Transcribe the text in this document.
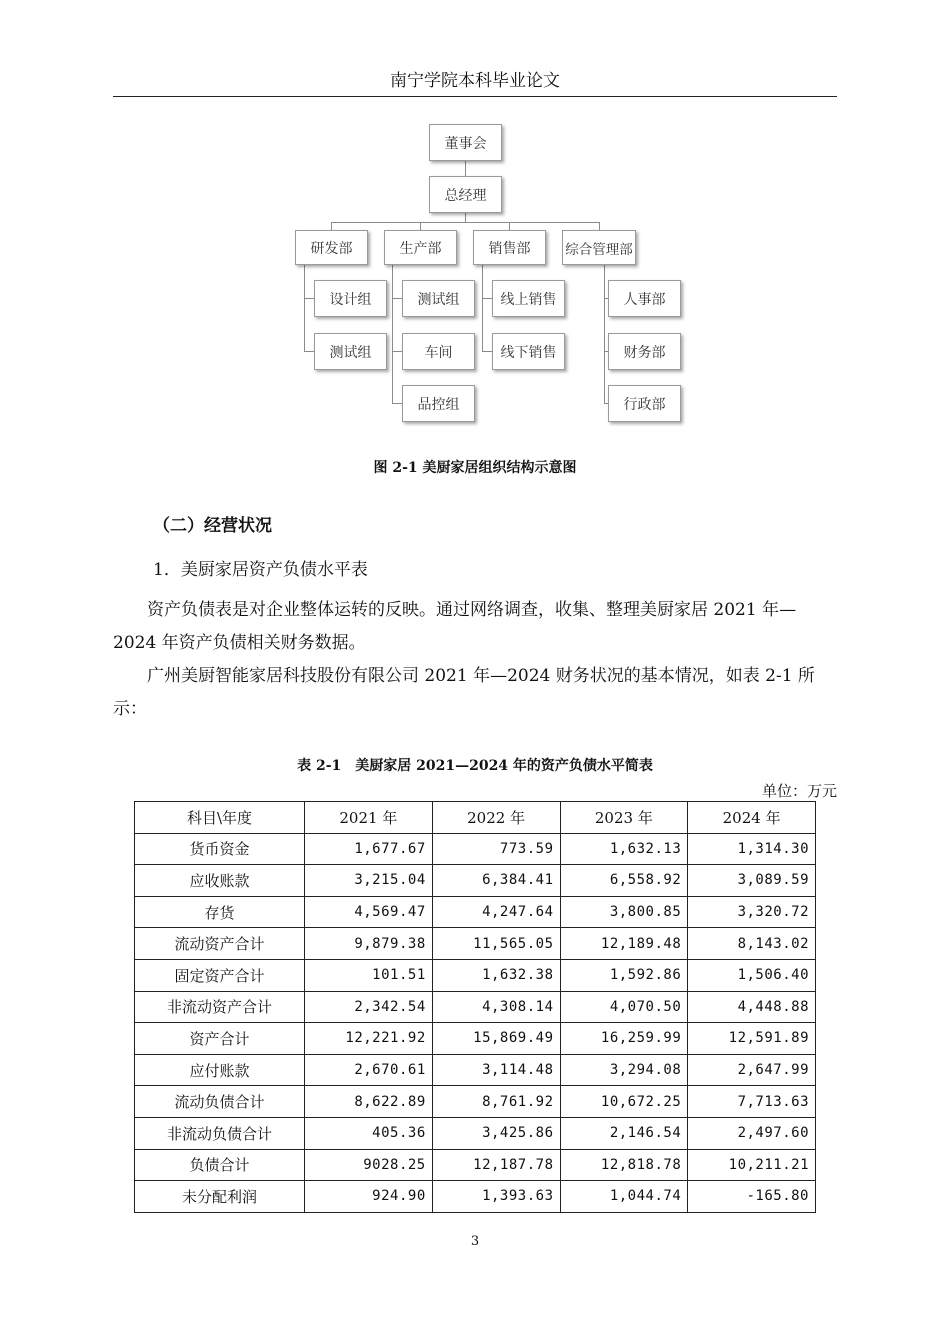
南宁学院本科毕业论文
董事会
总经理
研发部	生产部	销售部	综合管理部
设计组
测试组
测试组
车间
品控组
线上销售
线下销售
人事部
财务部
行政部
图 2-1 美厨家居组织结构示意图
（二）经营状况
1．美厨家居资产负债水平表
资产负债表是对企业整体运转的反映。通过网络调查，收集、整理美厨家居 2021 年—2024 年资产负债相关财务数据。
广州美厨智能家居科技股份有限公司 2021 年—2024 财务状况的基本情况，如表 2-1 所示：
表 2-1　美厨家居 2021—2024 年的资产负债水平简表
单位：万元
科目\年度	2021 年	2022 年	2023 年	2024 年
货币资金	1,677.67	773.59	1,632.13	1,314.30
应收账款	3,215.04	6,384.41	6,558.92	3,089.59
存货	4,569.47	4,247.64	3,800.85	3,320.72
流动资产合计	9,879.38	11,565.05	12,189.48	8,143.02
固定资产合计	101.51	1,632.38	1,592.86	1,506.40
非流动资产合计	2,342.54	4,308.14	4,070.50	4,448.88
资产合计	12,221.92	15,869.49	16,259.99	12,591.89
应付账款	2,670.61	3,114.48	3,294.08	2,647.99
流动负债合计	8,622.89	8,761.92	10,672.25	7,713.63
非流动负债合计	405.36	3,425.86	2,146.54	2,497.60
负债合计	9028.25	12,187.78	12,818.78	10,211.21
未分配利润	924.90	1,393.63	1,044.74	-165.80
3
